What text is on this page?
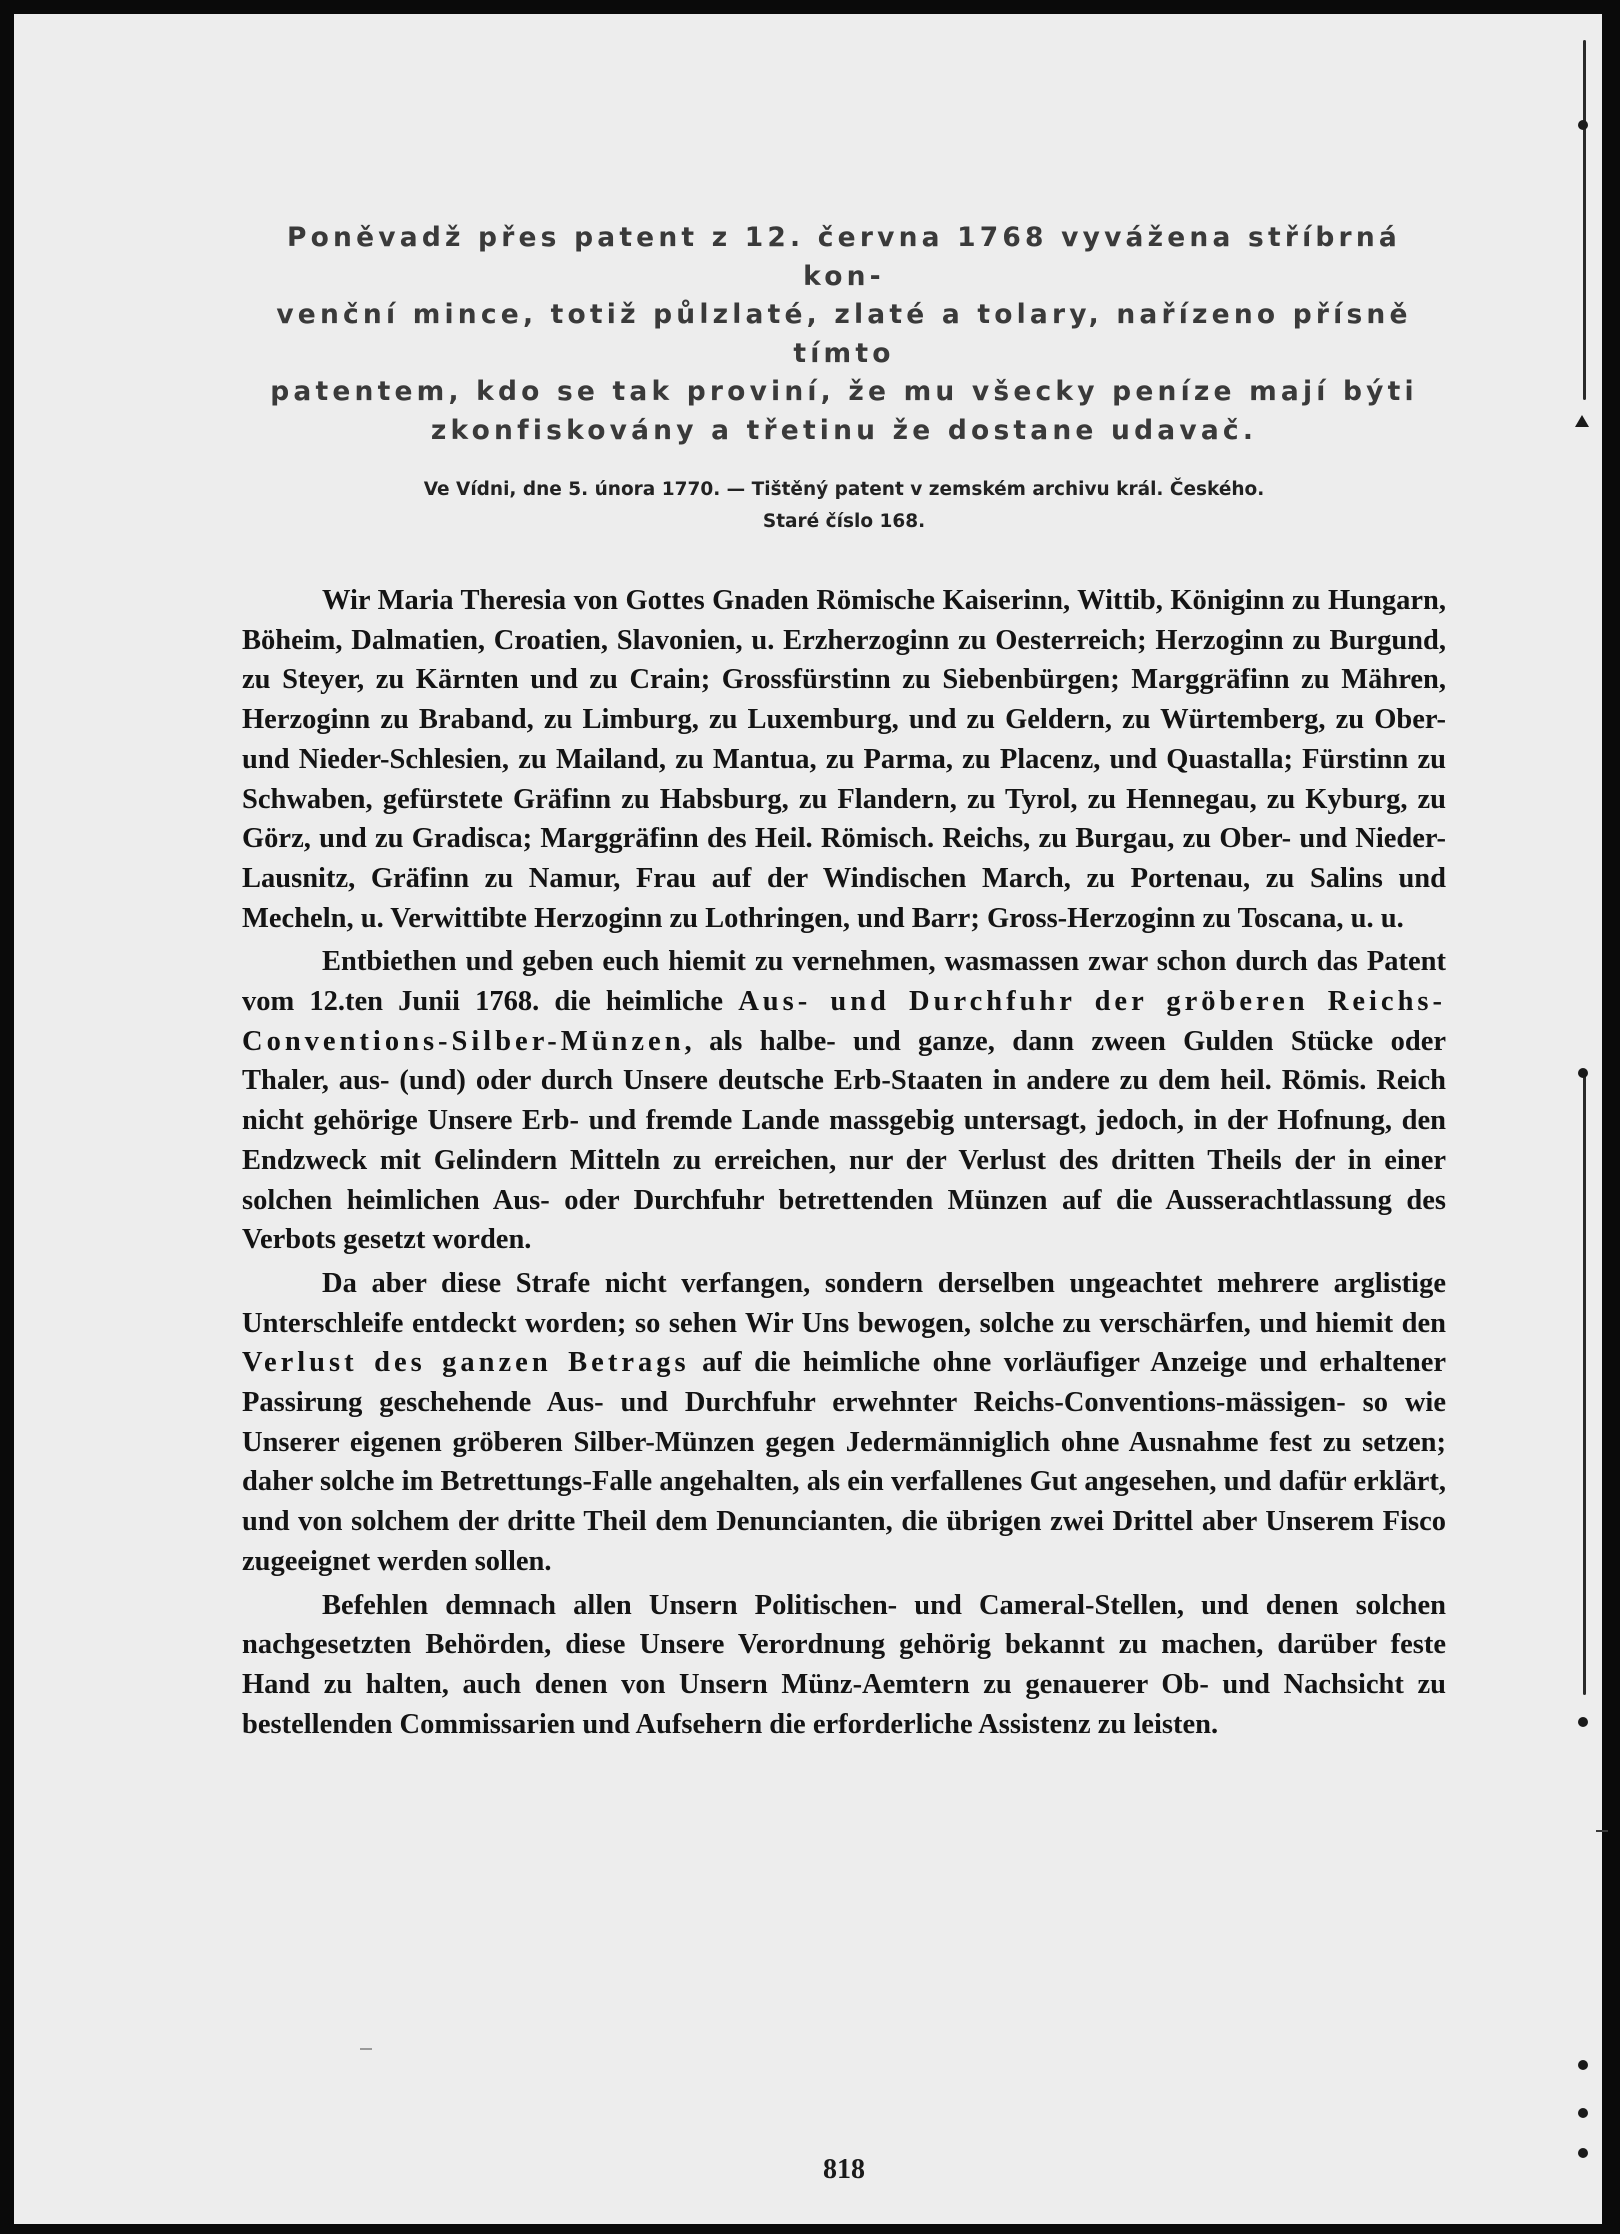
Poněvadž přes patent z 12. června 1768 vyvážena stříbrná kon-
venční mince, totiž půlzlaté, zlaté a tolary, nařízeno přísně tímto
patentem, kdo se tak proviní, že mu všecky peníze mají býti
zkonfiskovány a třetinu že dostane udavač.

Ve Vídni, dne 5. února 1770. — Tištěný patent v zemském archivu král. Českého.
Staré číslo 168.

Wir Maria Theresia von Gottes Gnaden Römische Kaiserinn, Wittib, Königinn zu Hungarn, Böheim, Dalmatien, Croatien, Slavonien, u. Erzherzoginn zu Oesterreich; Herzoginn zu Burgund, zu Steyer, zu Kärnten und zu Crain; Grossfürstinn zu Siebenbürgen; Marggräfinn zu Mähren, Herzoginn zu Braband, zu Limburg, zu Luxemburg, und zu Geldern, zu Würtemberg, zu Ober- und Nieder-Schlesien, zu Mailand, zu Mantua, zu Parma, zu Placenz, und Quastalla; Fürstinn zu Schwaben, gefürstete Gräfinn zu Habsburg, zu Flandern, zu Tyrol, zu Hennegau, zu Kyburg, zu Görz, und zu Gradisca; Marggräfinn des Heil. Römisch. Reichs, zu Burgau, zu Ober- und Nieder-Lausnitz, Gräfinn zu Namur, Frau auf der Windischen March, zu Portenau, zu Salins und Mecheln, u. Verwittibte Herzoginn zu Lothringen, und Barr; Gross-Herzoginn zu Toscana, u. u.

Entbiethen und geben euch hiemit zu vernehmen, wasmassen zwar schon durch das Patent vom 12.ten Junii 1768. die heimliche Aus- und Durchfuhr der gröberen Reichs-Conventions-Silber-Münzen, als halbe- und ganze, dann zween Gulden Stücke oder Thaler, aus- (und) oder durch Unsere deutsche Erb-Staaten in andere zu dem heil. Römis. Reich nicht gehörige Unsere Erb- und fremde Lande massgebig untersagt, jedoch, in der Hofnung, den Endzweck mit Gelindern Mitteln zu erreichen, nur der Verlust des dritten Theils der in einer solchen heimlichen Aus- oder Durchfuhr betrettenden Münzen auf die Ausserachtlassung des Verbots gesetzt worden.

Da aber diese Strafe nicht verfangen, sondern derselben ungeachtet mehrere arglistige Unterschleife entdeckt worden; so sehen Wir Uns bewogen, solche zu verschärfen, und hiemit den Verlust des ganzen Betrags auf die heimliche ohne vorläufiger Anzeige und erhaltener Passirung geschehende Aus- und Durchfuhr erwehnter Reichs-Conventions-mässigen- so wie Unserer eigenen gröberen Silber-Münzen gegen Jedermänniglich ohne Ausnahme fest zu setzen; daher solche im Betrettungs-Falle angehalten, als ein verfallenes Gut angesehen, und dafür erklärt, und von solchem der dritte Theil dem Denuncianten, die übrigen zwei Drittel aber Unserem Fisco zugeeignet werden sollen.

Befehlen demnach allen Unsern Politischen- und Cameral-Stellen, und denen solchen nachgesetzten Behörden, diese Unsere Verordnung gehörig bekannt zu machen, darüber feste Hand zu halten, auch denen von Unsern Münz-Aemtern zu genauerer Ob- und Nachsicht zu bestellenden Commissarien und Aufsehern die erforderliche Assistenz zu leisten.

818
